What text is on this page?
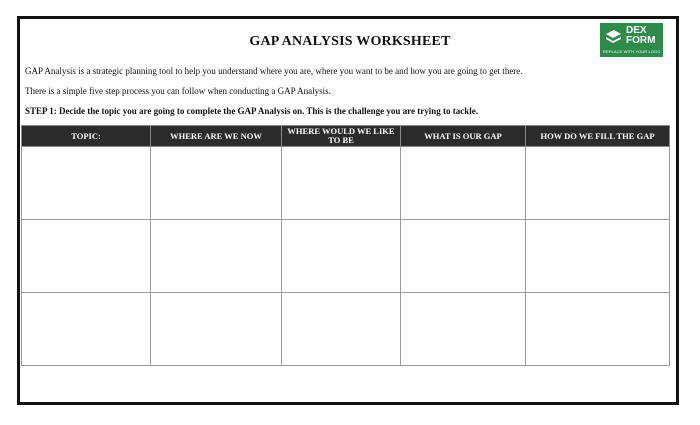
GAP ANALYSIS WORKSHEET
DEX
FORM
REPLACE WITH YOUR LOGO
GAP Analysis is a strategic planning tool to help you understand where you are, where you want to be and how you are going to get there.
There is a simple five step process you can follow when conducting a GAP Analysis.
STEP 1: Decide the topic you are going to complete the GAP Analysis on. This is the challenge you are trying to tackle.
TOPIC:	WHERE ARE WE NOW	WHERE WOULD WE LIKE TO BE	WHAT IS OUR GAP	HOW DO WE FILL THE GAP
